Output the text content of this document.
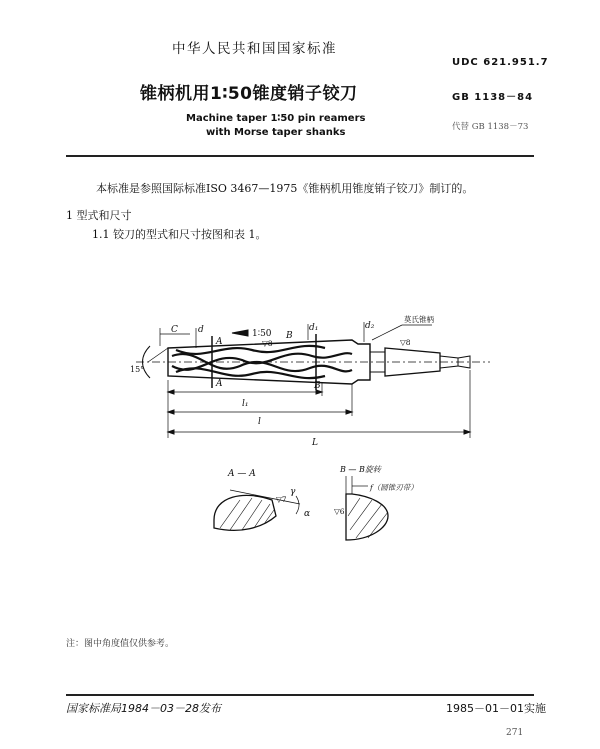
中华人民共和国国家标准
UDC 621.951.7
锥柄机用1∶50锥度销子铰刀	GB 1138－84
Machine taper 1∶50 pin reamers
with Morse taper shanks	代替 GB 1138－73
本标准是参照国际标准ISO 3467—1975《锥柄机用锥度销子铰刀》制订的。
1 型式和尺寸
1.1 铰刀的型式和尺寸按图和表 1。
C d	d₁	d₂
1∶50 B
B
A
A
15°
莫氏锥柄
▽8
▽8
l₁
l
L
A — A	B — B旋转
γ
α
f（圆锥刃带）
▽7
▽6
注：图中角度值仅供参考。
国家标准局1984－03－28发布	1985－01－01实施
271
